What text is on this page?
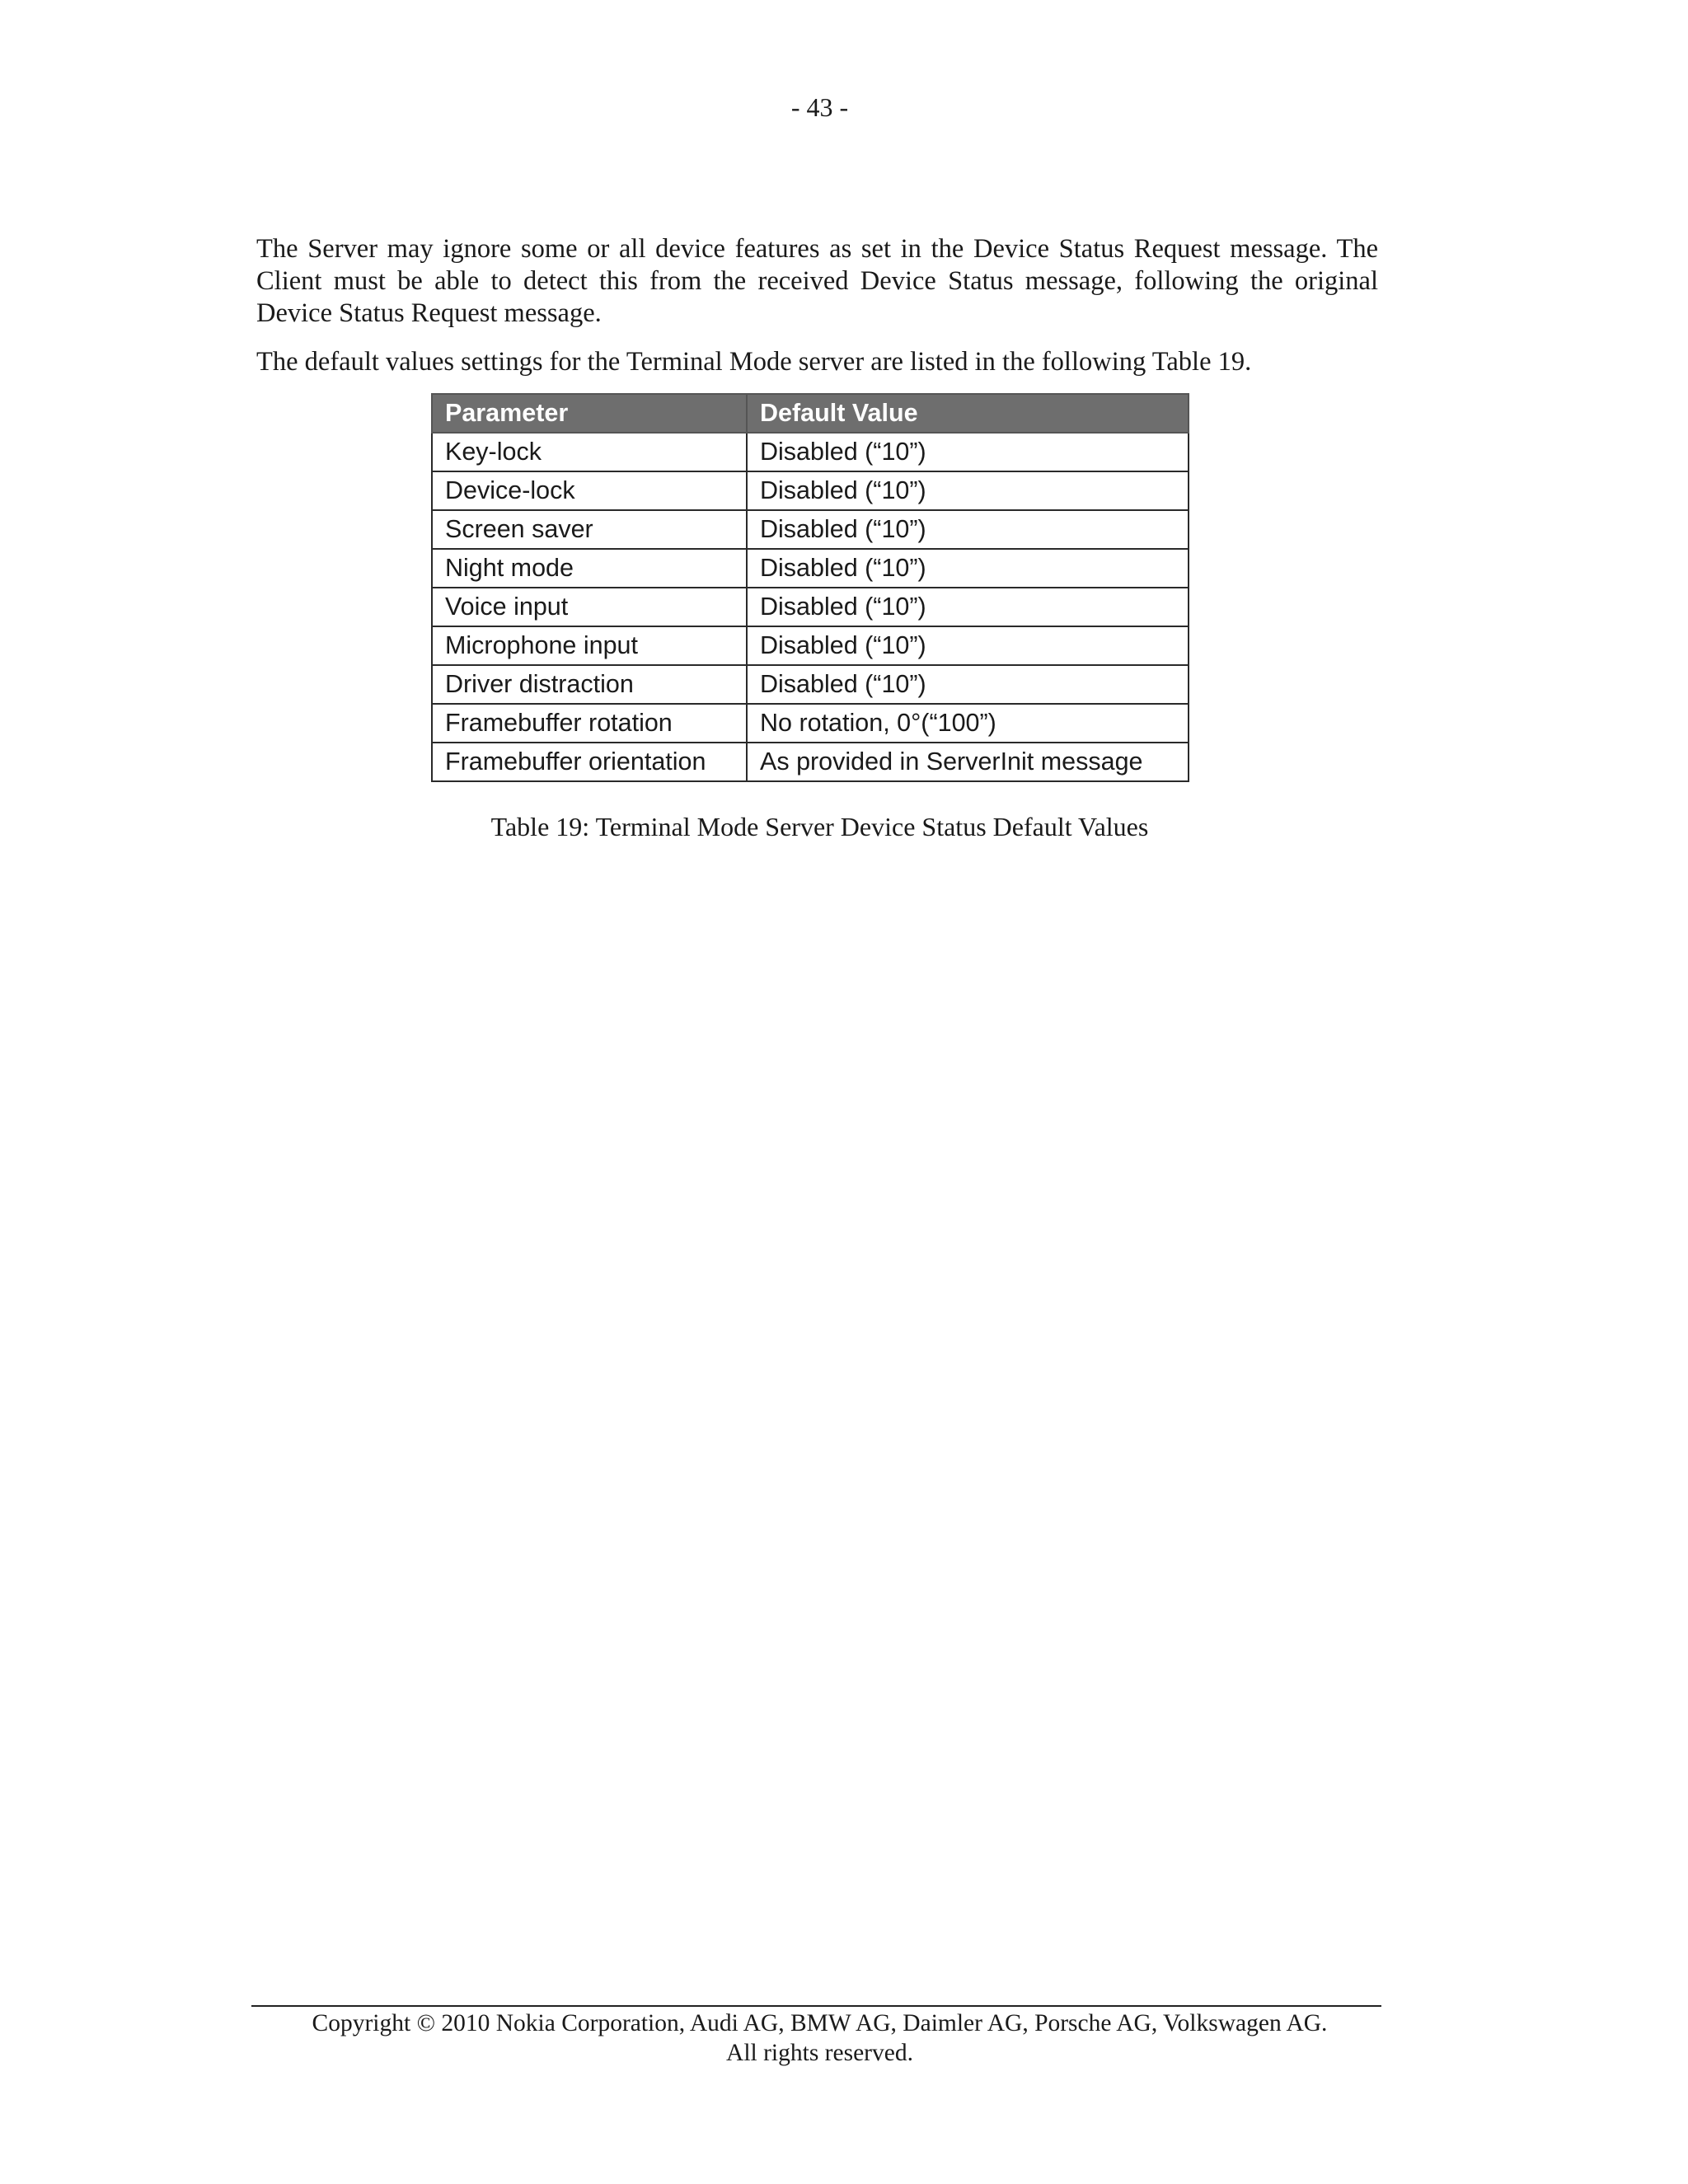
- 43 -

The Server may ignore some or all device features as set in the Device Status Request message. The Client must be able to detect this from the received Device Status message, following the original Device Status Request message.

The default values settings for the Terminal Mode server are listed in the following Table 19.

Parameter	Default Value
Key-lock	Disabled (“10”)
Device-lock	Disabled (“10”)
Screen saver	Disabled (“10”)
Night mode	Disabled (“10”)
Voice input	Disabled (“10”)
Microphone input	Disabled (“10”)
Driver distraction	Disabled (“10”)
Framebuffer rotation	No rotation, 0°(“100”)
Framebuffer orientation	As provided in ServerInit message
Table 19: Terminal Mode Server Device Status Default Values
Copyright © 2010 Nokia Corporation, Audi AG, BMW AG, Daimler AG, Porsche AG, Volkswagen AG.
All rights reserved.
